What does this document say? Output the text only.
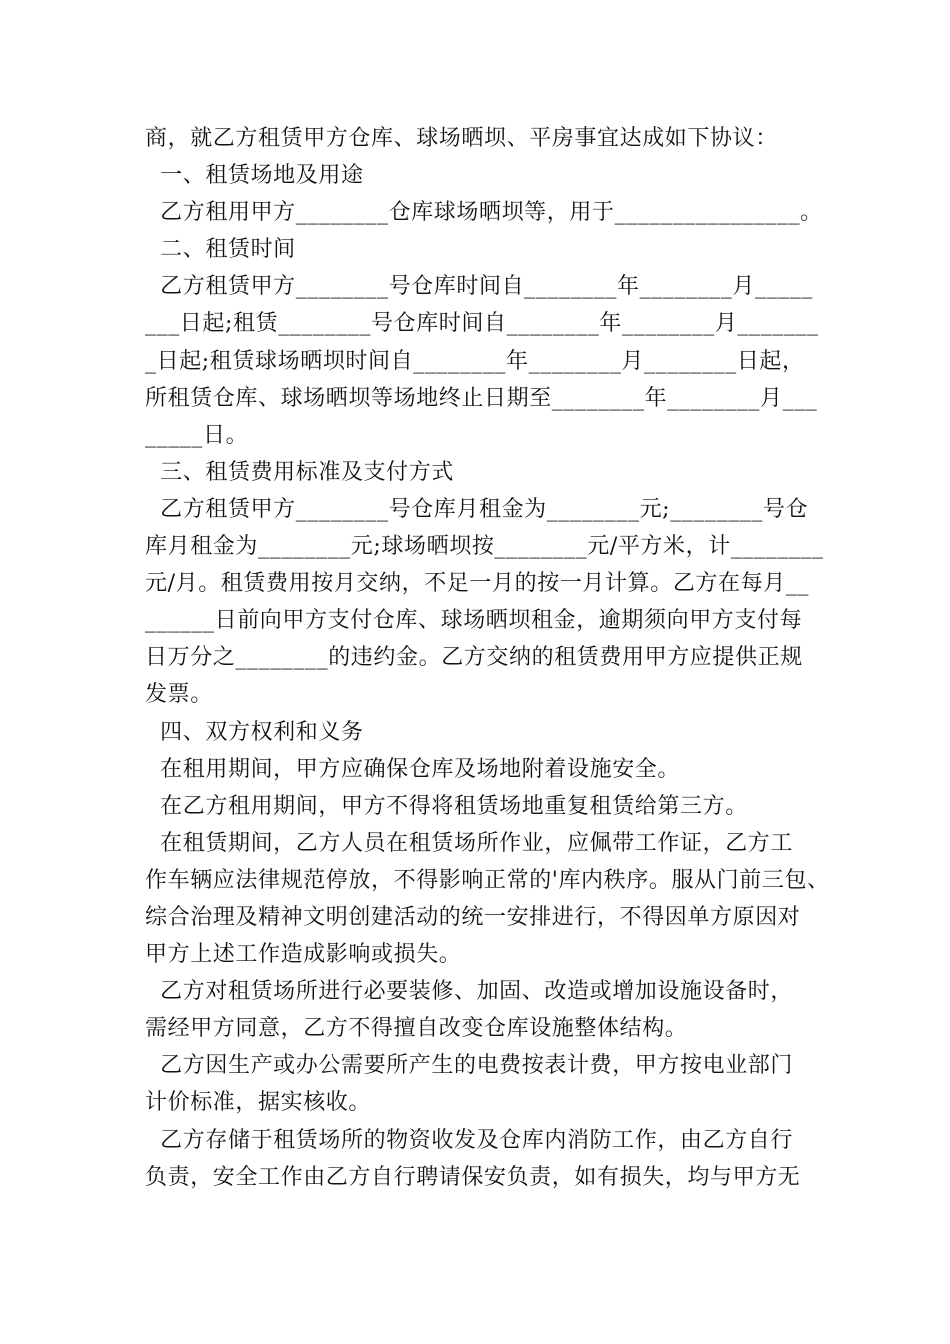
商，就乙方租赁甲方仓库、球场晒坝、平房事宜达成如下协议：
一、租赁场地及用途
乙方租用甲方________仓库球场晒坝等，用于________________。
二、租赁时间
乙方租赁甲方________号仓库时间自________年________月_____
___日起;租赁________号仓库时间自________年________月_______
_日起;租赁球场晒坝时间自________年________月________日起，
所租赁仓库、球场晒坝等场地终止日期至________年________月___
_____日。
三、租赁费用标准及支付方式
乙方租赁甲方________号仓库月租金为________元;________号仓
库月租金为________元;球场晒坝按________元/平方米，计________
元/月。租赁费用按月交纳，不足一月的按一月计算。乙方在每月__
______日前向甲方支付仓库、球场晒坝租金，逾期须向甲方支付每
日万分之________的违约金。乙方交纳的租赁费用甲方应提供正规
发票。
四、双方权利和义务
在租用期间，甲方应确保仓库及场地附着设施安全。
在乙方租用期间，甲方不得将租赁场地重复租赁给第三方。
在租赁期间，乙方人员在租赁场所作业，应佩带工作证，乙方工
作车辆应法律规范停放，不得影响正常的'库内秩序。服从门前三包、
综合治理及精神文明创建活动的统一安排进行，不得因单方原因对
甲方上述工作造成影响或损失。
乙方对租赁场所进行必要装修、加固、改造或增加设施设备时，
需经甲方同意，乙方不得擅自改变仓库设施整体结构。
乙方因生产或办公需要所产生的电费按表计费，甲方按电业部门
计价标准，据实核收。
乙方存储于租赁场所的物资收发及仓库内消防工作，由乙方自行
负责，安全工作由乙方自行聘请保安负责，如有损失，均与甲方无
